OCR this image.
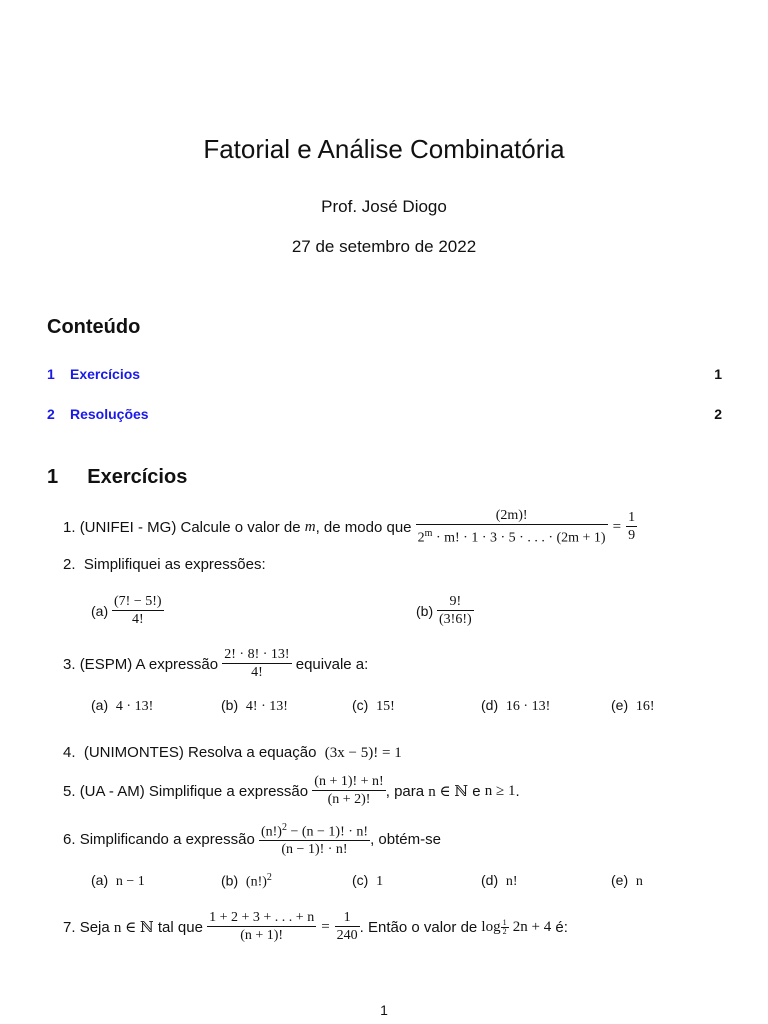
Fatorial e Análise Combinatória
Prof. José Diogo
27 de setembro de 2022
Conteúdo
1 Exercícios	1
2 Resoluções	2
1 Exercícios
1.
(UNIFEI - MG) Calcule o valor de
m , de modo que
$\frac{(2m)!}{2^m \cdot m! \cdot 1 \cdot 3 \cdot 5 \cdot . . . \cdot (2m + 1)} = \frac{1}{9}$
2. Simplifiquei as expressões:
(a)
$\frac{(7! - 5!)}{4!}$	(b)
$\frac{9!}{(3!6!)}$
3.
(ESPM) A expressão
$\frac{2! \cdot 8! \cdot 13!}{4!}$
equivale a:
(a) 4 · 13!	(b) 4! · 13!	(c) 15!	(d) 16 · 13!	(e) 16!
4. (UNIMONTES) Resolva a equação (3x − 5)! = 1
5.
(UA - AM) Simplifique a expressão
$\frac{(n + 1)! + n!}{(n + 2)!}$ , para
n ∈ ℕ
e
n ≥ 1 .
6.
Simplificando a expressão
$\frac{(n!)^2 - (n - 1)! \cdot n!}{(n - 1)! \cdot n!}$ , obtém-se
(a) n − 1	(b) $(n!)^2$	(c) 1	(d) n!	(e) n
7.
Seja
n ∈ ℕ
tal que
$\frac{1 + 2 + 3 + . . . + n}{(n + 1)!} = \frac{1}{240}$ . Então o valor de
$\log \frac{1}{2}$
2n + 4
é:
1
